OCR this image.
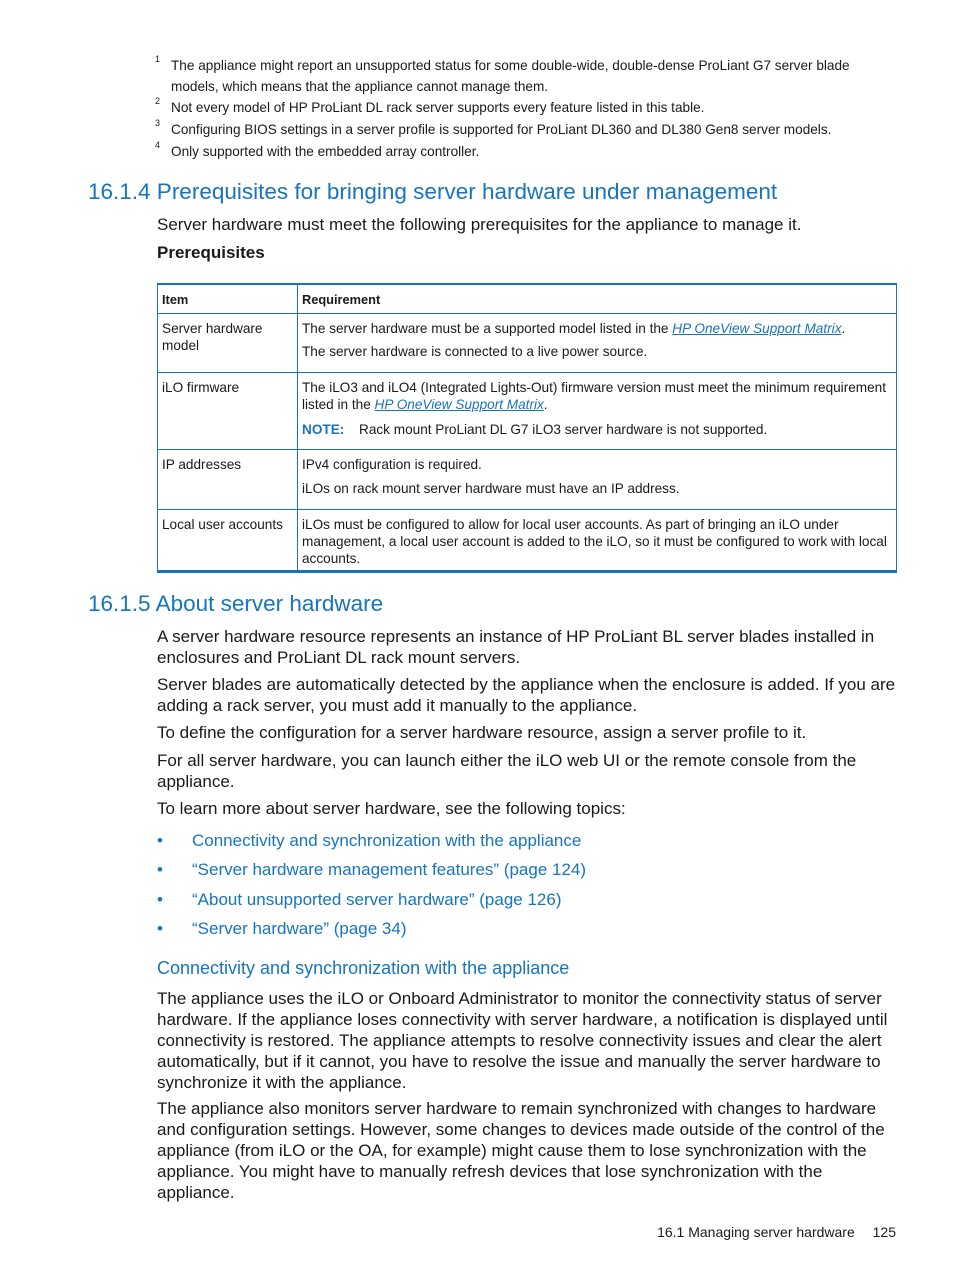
1 The appliance might report an unsupported status for some double-wide, double-dense ProLiant G7 server blade models, which means that the appliance cannot manage them.
2 Not every model of HP ProLiant DL rack server supports every feature listed in this table.
3 Configuring BIOS settings in a server profile is supported for ProLiant DL360 and DL380 Gen8 server models.
4 Only supported with the embedded array controller.
16.1.4 Prerequisites for bringing server hardware under management

Server hardware must meet the following prerequisites for the appliance to manage it.

Prerequisites

Item	Requirement
Server hardware model	The server hardware must be a supported model listed in the HP OneView Support Matrix.

The server hardware is connected to a live power source.

iLO firmware	The iLO3 and iLO4 (Integrated Lights-Out) firmware version must meet the minimum requirement listed in the HP OneView Support Matrix.

NOTE: Rack mount ProLiant DL G7 iLO3 server hardware is not supported.

IP addresses	IPv4 configuration is required.

iLOs on rack mount server hardware must have an IP address.

Local user accounts	iLOs must be configured to allow for local user accounts. As part of bringing an iLO under management, a local user account is added to the iLO, so it must be configured to work with local accounts.
16.1.5 About server hardware

A server hardware resource represents an instance of HP ProLiant BL server blades installed in enclosures and ProLiant DL rack mount servers.

Server blades are automatically detected by the appliance when the enclosure is added. If you are adding a rack server, you must add it manually to the appliance.

To define the configuration for a server hardware resource, assign a server profile to it.

For all server hardware, you can launch either the iLO web UI or the remote console from the appliance.

To learn more about server hardware, see the following topics:

• Connectivity and synchronization with the appliance
• “Server hardware management features” (page 124)
• “About unsupported server hardware” (page 126)
• “Server hardware” (page 34)
Connectivity and synchronization with the appliance

The appliance uses the iLO or Onboard Administrator to monitor the connectivity status of server hardware. If the appliance loses connectivity with server hardware, a notification is displayed until connectivity is restored. The appliance attempts to resolve connectivity issues and clear the alert automatically, but if it cannot, you have to resolve the issue and manually the server hardware to synchronize it with the appliance.

The appliance also monitors server hardware to remain synchronized with changes to hardware and configuration settings. However, some changes to devices made outside of the control of the appliance (from iLO or the OA, for example) might cause them to lose synchronization with the appliance. You might have to manually refresh devices that lose synchronization with the appliance.

16.1 Managing server hardware 125
